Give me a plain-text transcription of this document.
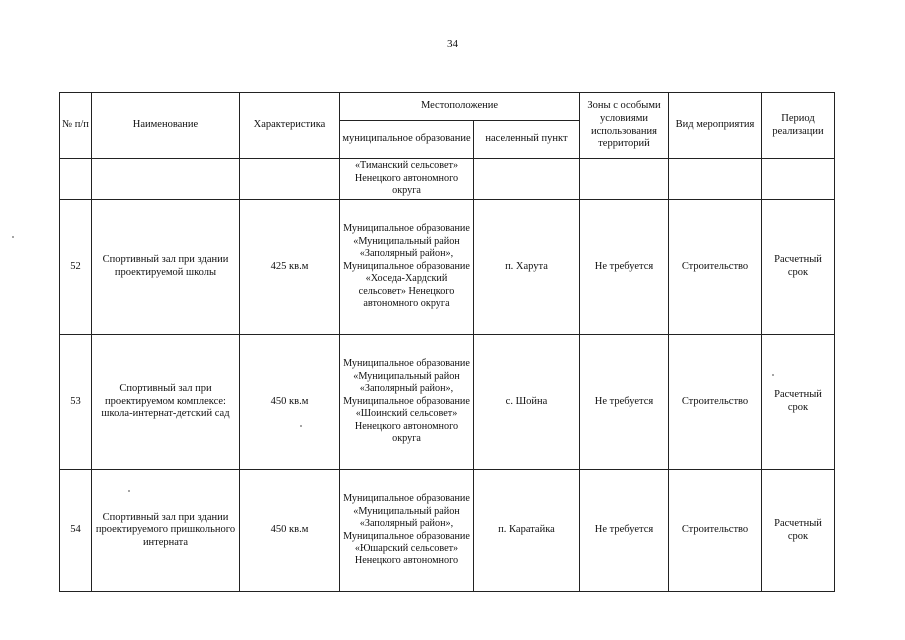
34
№ п/п	Наименование	Характеристика	Местоположение		Зоны с особыми условиями использования территорий	Вид мероприятия	Период реализации
			муниципальное образование	населенный пункт			
			«Тиманский сельсовет» Ненецкого автономного округа				
52	Спортивный зал при здании проектируемой школы	425 кв.м	Муниципальное образование «Муниципальный район «Заполярный район», Муниципальное образование «Хоседа-Хардский сельсовет» Ненецкого автономного округа	п. Харута	Не требуется	Строительство	Расчетный срок
53	Спортивный зал при проектируемом комплексе: школа-интернат-детский сад	450 кв.м	Муниципальное образование «Муниципальный район «Заполярный район», Муниципальное образование «Шоинский сельсовет» Ненецкого автономного округа	с. Шойна	Не требуется	Строительство	Расчетный срок
54	Спортивный зал при здании проектируемого пришкольного интерната	450 кв.м	Муниципальное образование «Муниципальный район «Заполярный район», Муниципальное образование «Юшарский сельсовет» Ненецкого автономного	п. Каратайка	Не требуется	Строительство	Расчетный срок
